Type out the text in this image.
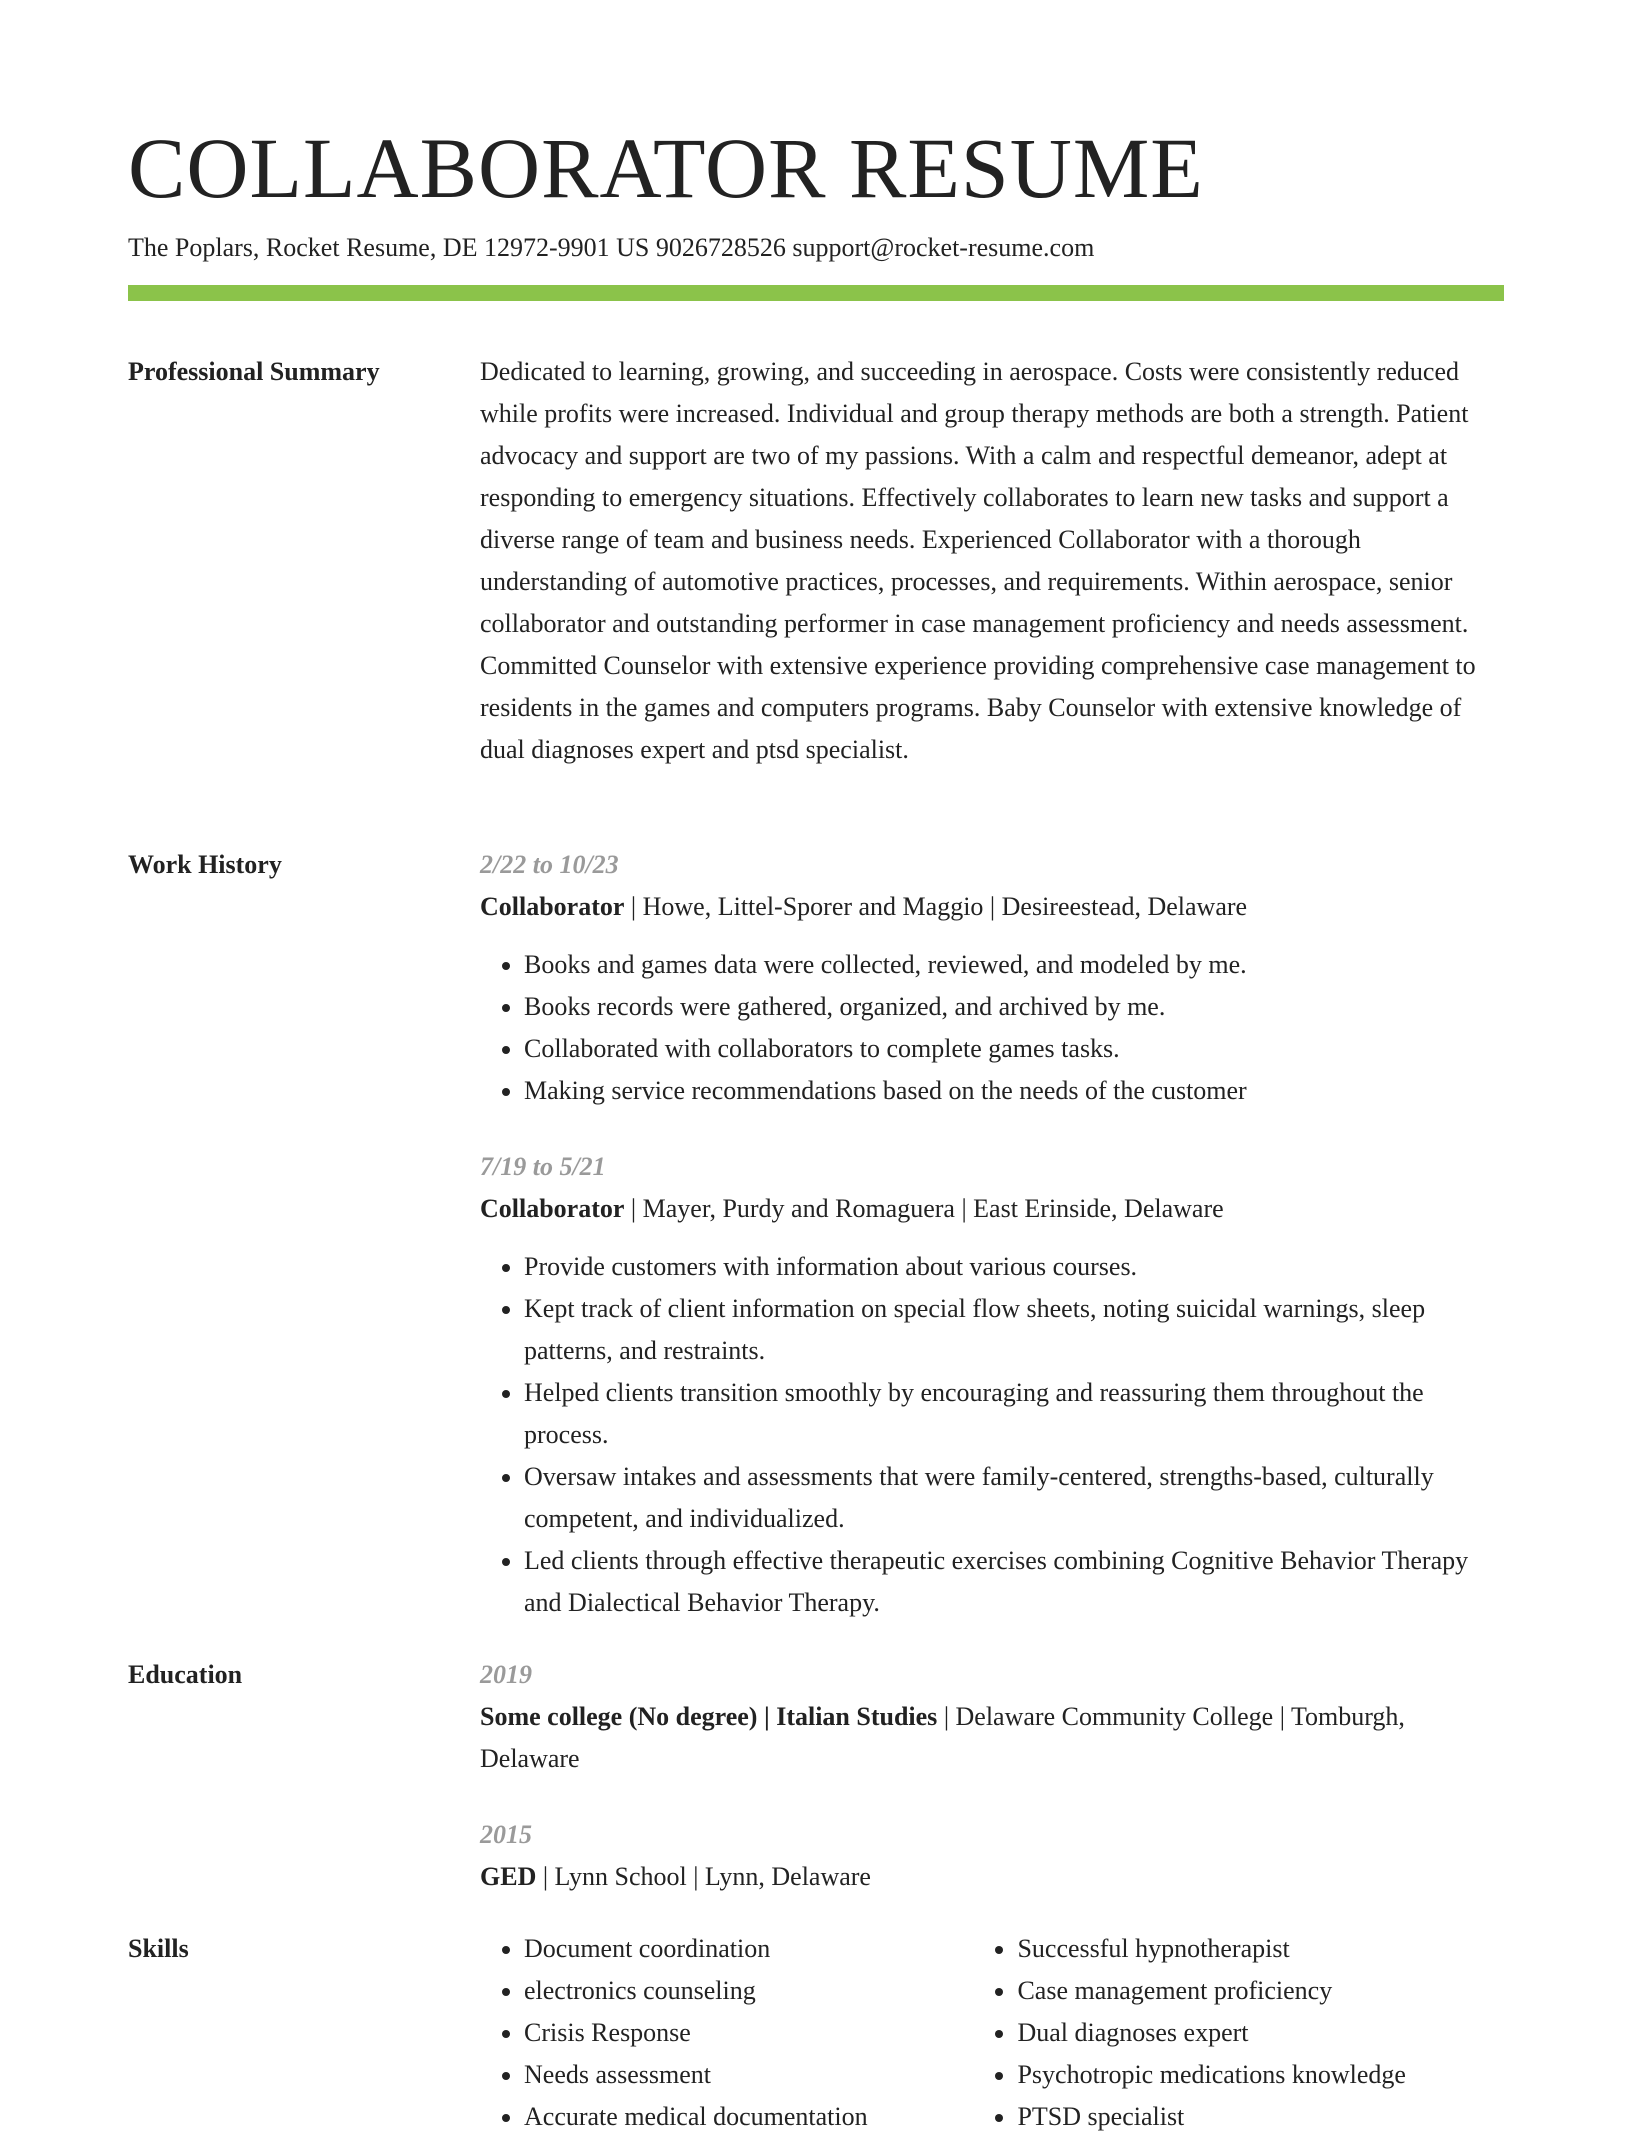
COLLABORATOR RESUME
The Poplars, Rocket Resume, DE 12972-9901 US 9026728526 support@rocket-resume.com
Professional Summary	Dedicated to learning, growing, and succeeding in aerospace. Costs were consistently reduced while profits were increased. Individual and group therapy methods are both a strength. Patient advocacy and support are two of my passions. With a calm and respectful demeanor, adept at responding to emergency situations. Effectively collaborates to learn new tasks and support a diverse range of team and business needs. Experienced Collaborator with a thorough understanding of automotive practices, processes, and requirements. Within aerospace, senior collaborator and outstanding performer in case management proficiency and needs assessment. Committed Counselor with extensive experience providing comprehensive case management to residents in the games and computers programs. Baby Counselor with extensive knowledge of dual diagnoses expert and ptsd specialist.

Work History	2/22 to 10/23

Collaborator | Howe, Littel-Sporer and Maggio | Desireestead, Delaware

• Books and games data were collected, reviewed, and modeled by me.
• Books records were gathered, organized, and archived by me.
• Collaborated with collaborators to complete games tasks.
• Making service recommendations based on the needs of the customer
7/19 to 5/21

Collaborator | Mayer, Purdy and Romaguera | East Erinside, Delaware

• Provide customers with information about various courses.
• Kept track of client information on special flow sheets, noting suicidal warnings, sleep patterns, and restraints.
• Helped clients transition smoothly by encouraging and reassuring them throughout the process.
• Oversaw intakes and assessments that were family-centered, strengths-based, culturally competent, and individualized.
• Led clients through effective therapeutic exercises combining Cognitive Behavior Therapy and Dialectical Behavior Therapy.
Education	2019

Some college (No degree) | Italian Studies | Delaware Community College | Tomburgh, Delaware

2015

GED | Lynn School | Lynn, Delaware

Skills
•	Document coordination
• electronics counseling
• Crisis Response
• Needs assessment
• Accurate medical documentation
• Successful hypnotherapist
• Case management proficiency
• Dual diagnoses expert
• Psychotropic medications knowledge
• PTSD specialist
